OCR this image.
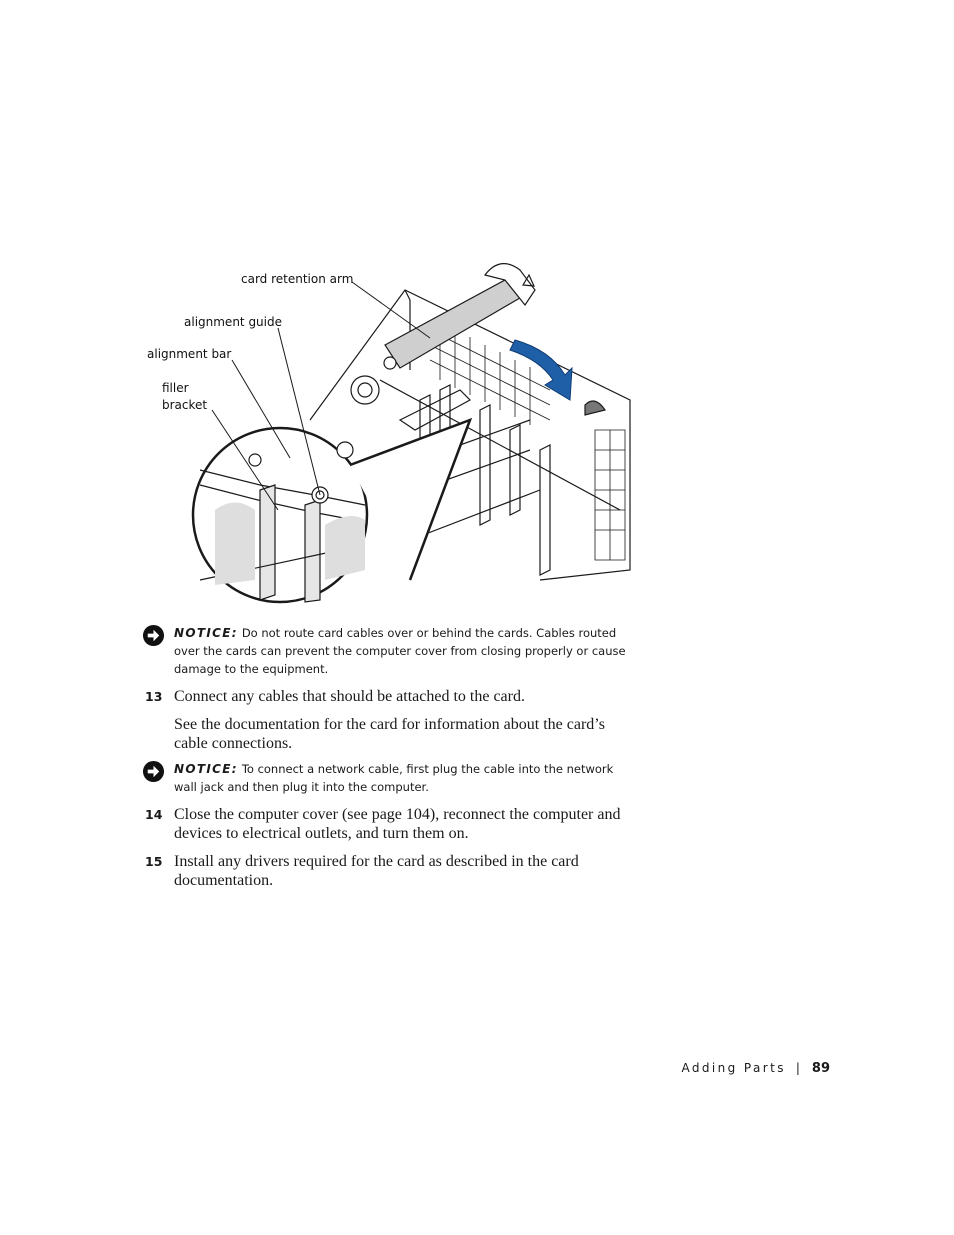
card retention arm
alignment guide
alignment bar
filler
bracket
NOTICE: Do not route card cables over or behind the cards. Cables routed over the cards can prevent the computer cover from closing properly or cause damage to the equipment.
13 Connect any cables that should be attached to the card.
See the documentation for the card for information about the card’s cable connections.
NOTICE: To connect a network cable, first plug the cable into the network wall jack and then plug it into the computer.
14 Close the computer cover (see page 104), reconnect the computer and devices to electrical outlets, and turn them on.
15 Install any drivers required for the card as described in the card documentation.
Adding Parts | 89
